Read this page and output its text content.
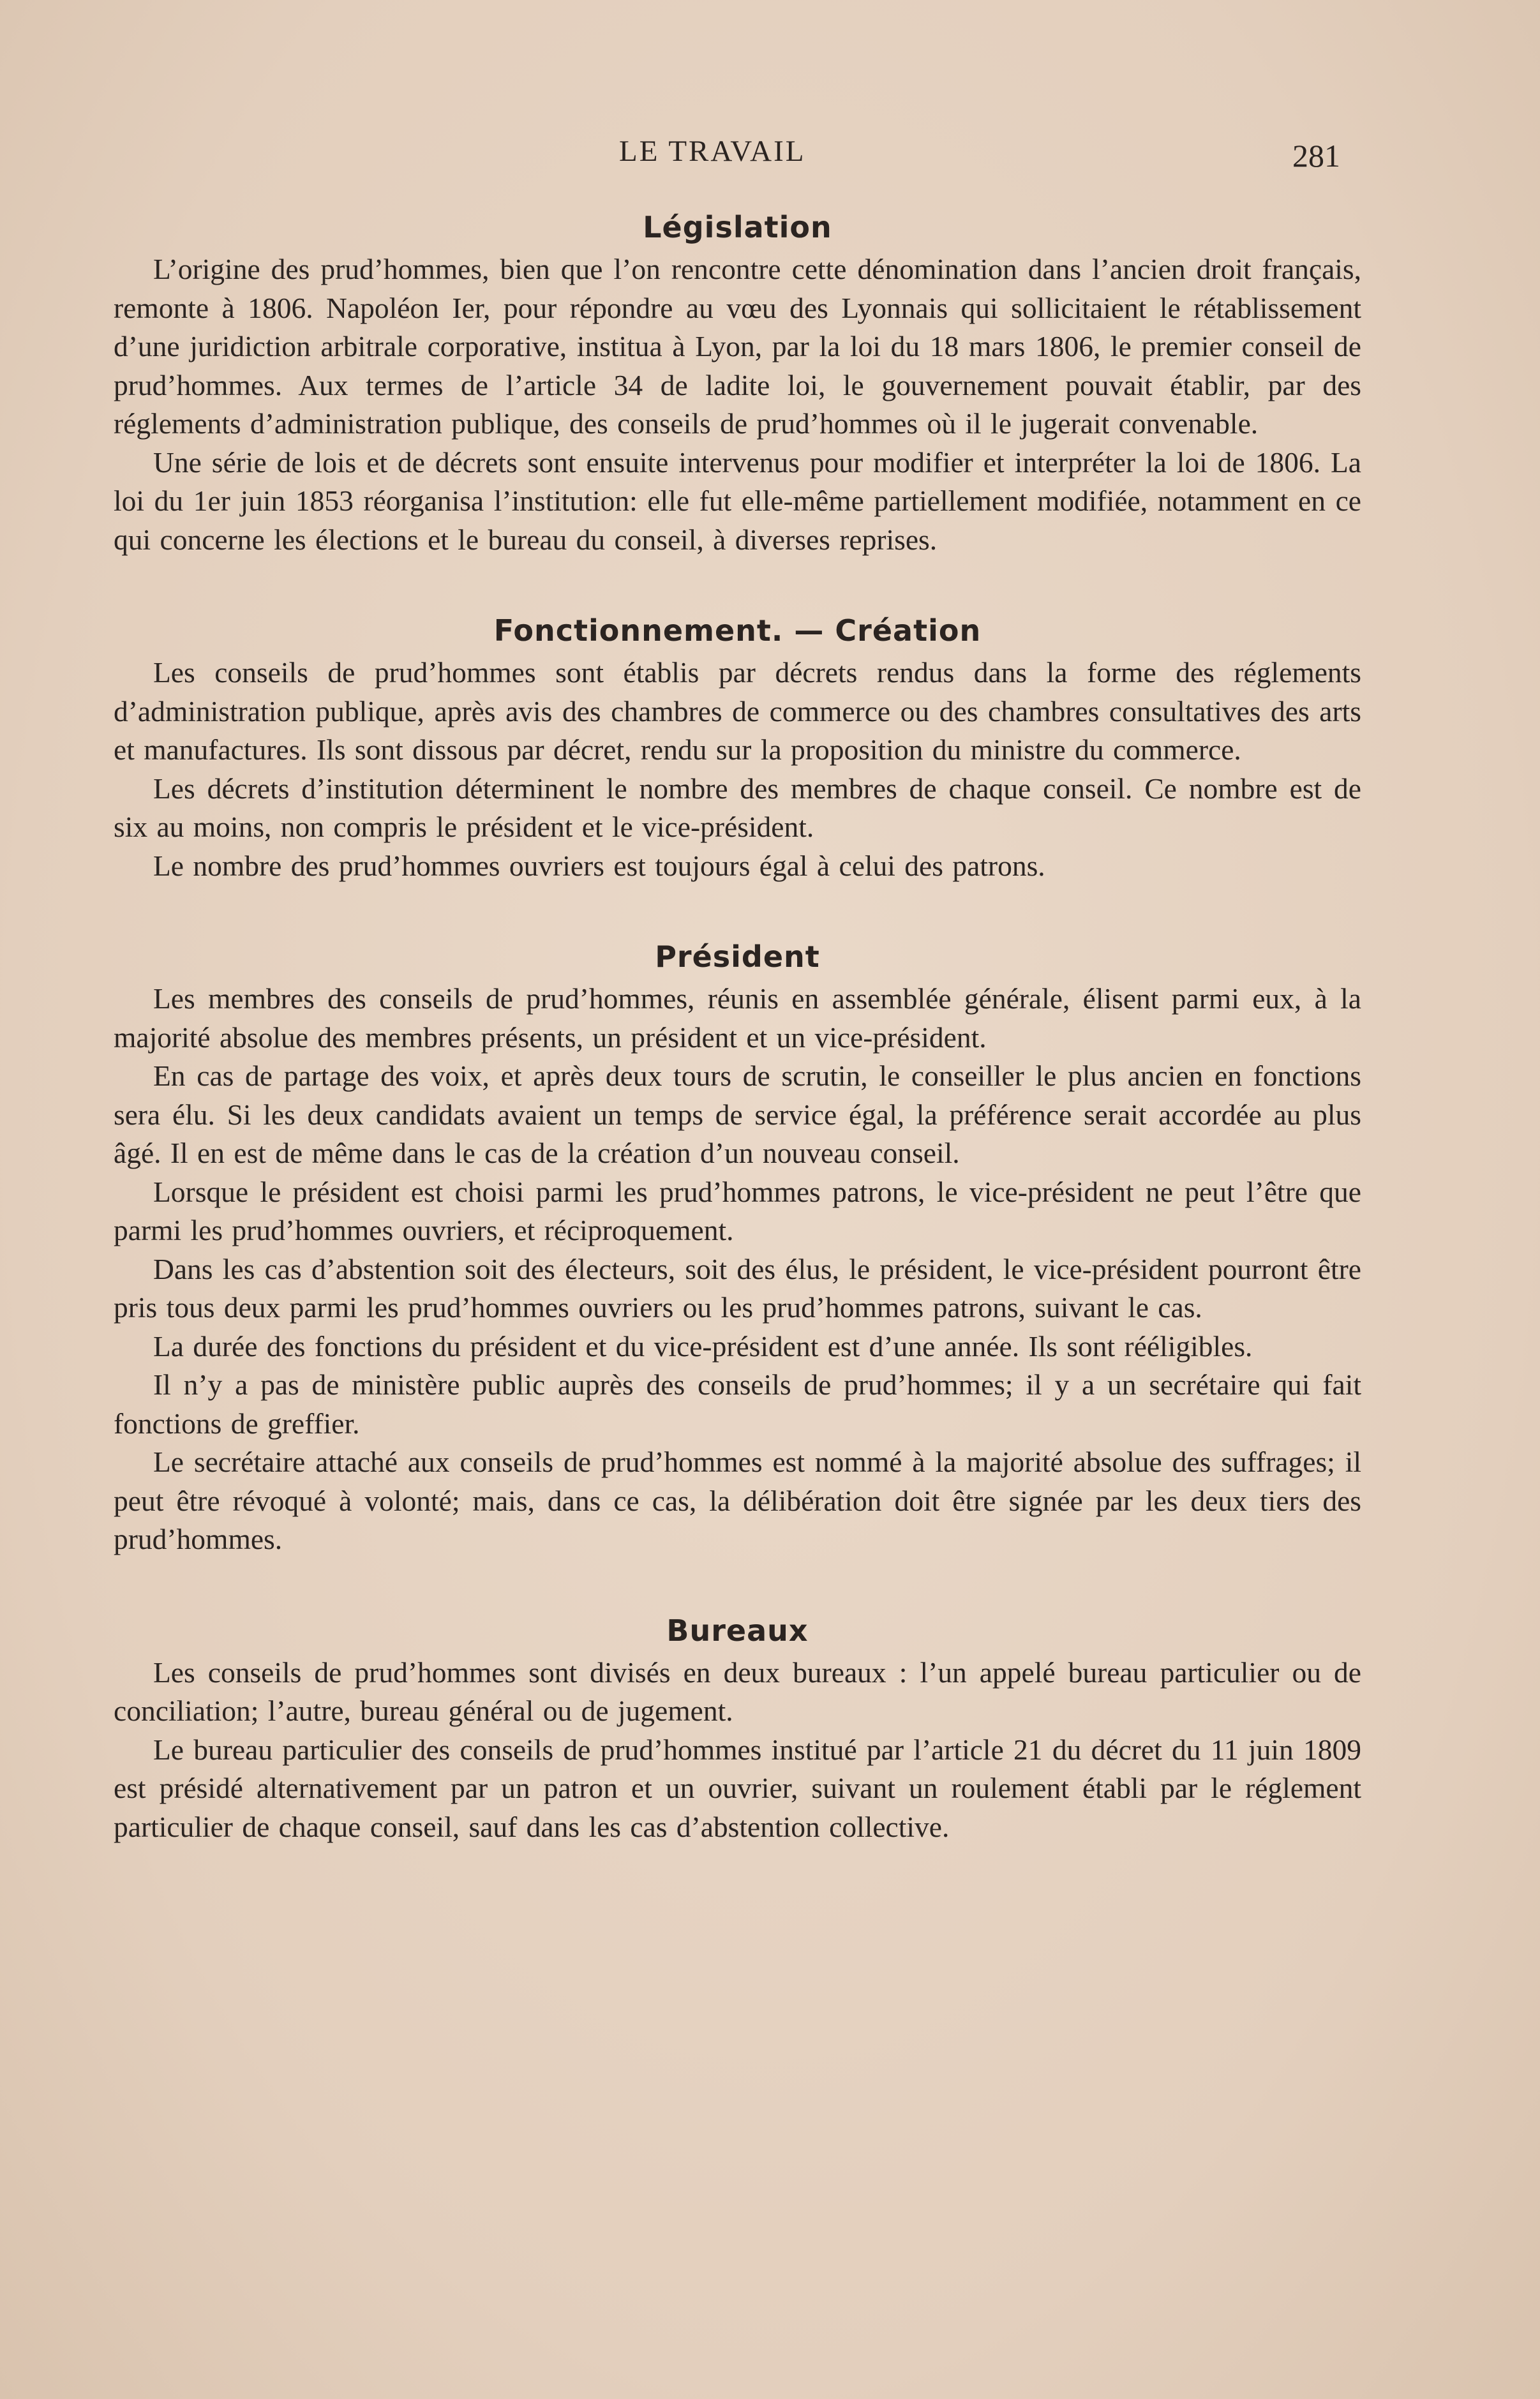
LE TRAVAIL	281
Législation

L’origine des prud’hommes, bien que l’on rencontre cette dénomination dans l’ancien droit français, remonte à 1806. Napoléon Ier, pour répondre au vœu des Lyonnais qui sollicitaient le rétablissement d’une juridiction arbitrale corporative, institua à Lyon, par la loi du 18 mars 1806, le premier conseil de prud’hommes. Aux termes de l’article 34 de ladite loi, le gouvernement pouvait établir, par des réglements d’administration publique, des conseils de prud’hommes où il le jugerait convenable.

Une série de lois et de décrets sont ensuite intervenus pour modifier et interpréter la loi de 1806. La loi du 1er juin 1853 réorganisa l’institution: elle fut elle-même partiellement modifiée, notamment en ce qui concerne les élections et le bureau du conseil, à diverses reprises.

Fonctionnement. — Création

Les conseils de prud’hommes sont établis par décrets rendus dans la forme des réglements d’administration publique, après avis des chambres de commerce ou des chambres consultatives des arts et manufactures. Ils sont dissous par décret, rendu sur la proposition du ministre du commerce.

Les décrets d’institution déterminent le nombre des membres de chaque conseil. Ce nombre est de six au moins, non compris le président et le vice-président.

Le nombre des prud’hommes ouvriers est toujours égal à celui des patrons.

Président

Les membres des conseils de prud’hommes, réunis en assemblée générale, élisent parmi eux, à la majorité absolue des membres présents, un président et un vice-président.

En cas de partage des voix, et après deux tours de scrutin, le conseiller le plus ancien en fonctions sera élu. Si les deux candidats avaient un temps de service égal, la préférence serait accordée au plus âgé. Il en est de même dans le cas de la création d’un nouveau conseil.

Lorsque le président est choisi parmi les prud’hommes patrons, le vice-président ne peut l’être que parmi les prud’hommes ouvriers, et réciproquement.

Dans les cas d’abstention soit des électeurs, soit des élus, le président, le vice-président pourront être pris tous deux parmi les prud’hommes ouvriers ou les prud’hommes patrons, suivant le cas.

La durée des fonctions du président et du vice-président est d’une année. Ils sont rééligibles.

Il n’y a pas de ministère public auprès des conseils de prud’hommes; il y a un secrétaire qui fait fonctions de greffier.

Le secrétaire attaché aux conseils de prud’hommes est nommé à la majorité absolue des suffrages; il peut être révoqué à volonté; mais, dans ce cas, la délibération doit être signée par les deux tiers des prud’hommes.

Bureaux

Les conseils de prud’hommes sont divisés en deux bureaux : l’un appelé bureau particulier ou de conciliation; l’autre, bureau général ou de jugement.

Le bureau particulier des conseils de prud’hommes institué par l’article 21 du décret du 11 juin 1809 est présidé alternativement par un patron et un ouvrier, suivant un roulement établi par le réglement particulier de chaque conseil, sauf dans les cas d’abstention collective.
